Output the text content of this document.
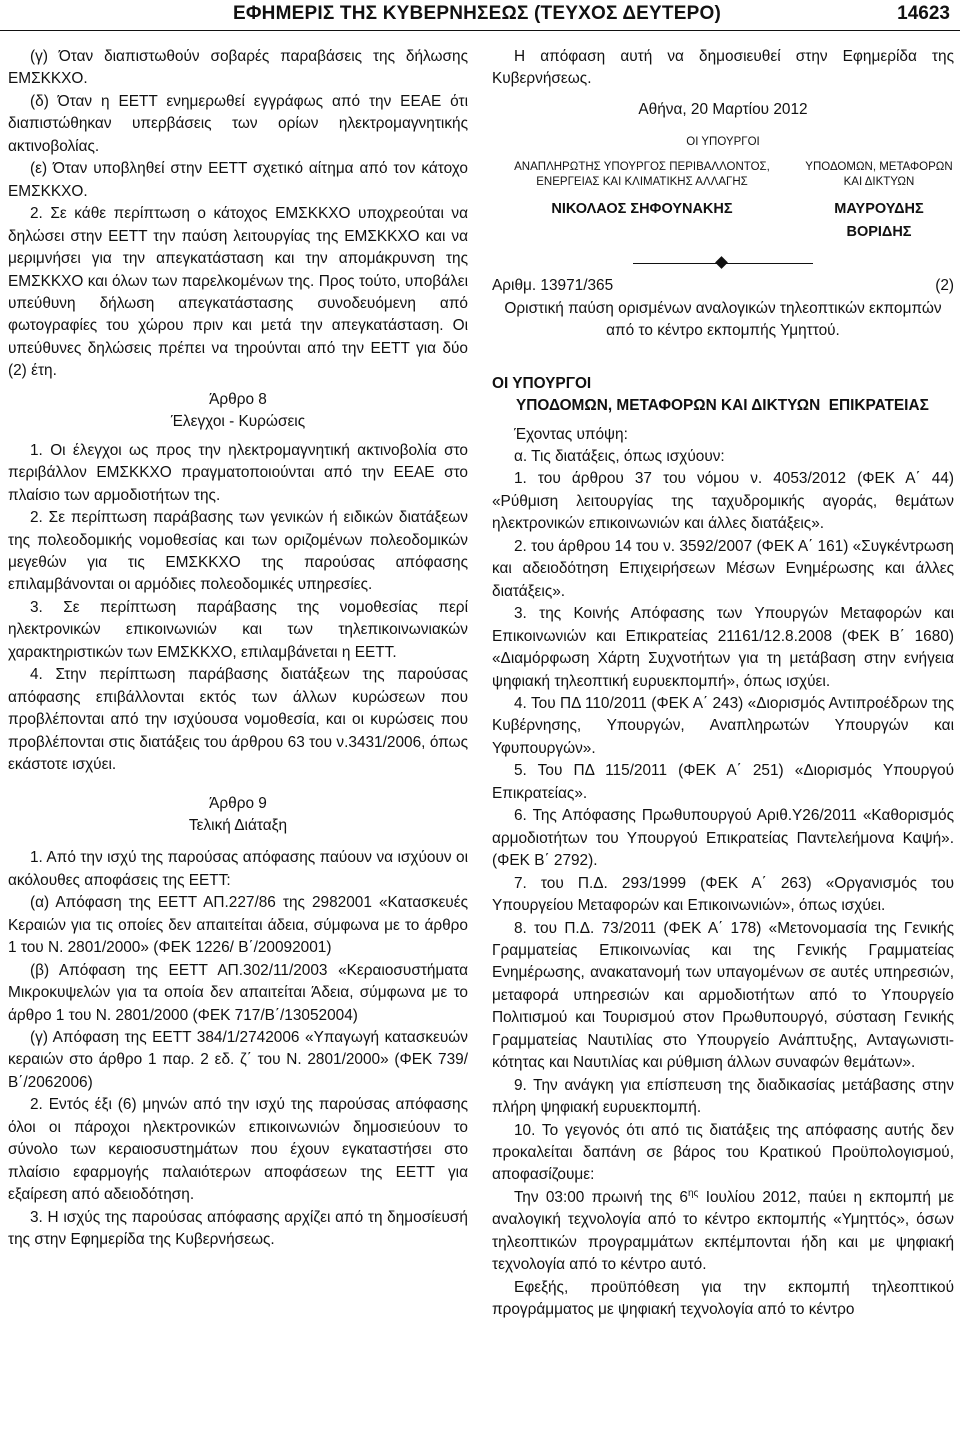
ΕΦΗΜΕΡΙΣ ΤΗΣ ΚΥΒΕΡΝΗΣΕΩΣ (ΤΕΥΧΟΣ ΔΕΥΤΕΡΟ)	14623

(γ) Όταν διαπιστωθούν σοβαρές παραβάσεις της δήλωσης ΕΜΣΚΚΧΟ.

(δ) Όταν η ΕΕΤΤ ενημερωθεί εγγράφως από την ΕΕΑΕ ότι διαπιστώθηκαν υπερβάσεις των ορίων ηλεκτρομαγνητικής ακτινοβολίας.

(ε) Όταν υποβληθεί στην ΕΕΤΤ σχετικό αίτημα από τον κάτοχο ΕΜΣΚΚΧΟ.

2. Σε κάθε περίπτωση ο κάτοχος ΕΜΣΚΚΧΟ υποχρεούται να δηλώσει στην ΕΕΤΤ την παύση λειτουργίας της ΕΜΣΚΚΧΟ και να μεριμνήσει για την απεγκατάσταση και την απομάκρυνση της ΕΜΣΚΚΧΟ και όλων των παρελκομένων της. Προς τούτο, υποβάλει υπεύθυνη δήλωση απεγκατάστασης συνοδευόμενη από φωτογραφίες του χώρου πριν και μετά την απεγκατάσταση. Οι υπεύθυνες δηλώσεις πρέπει να τηρούνται από την ΕΕΤΤ για δύο (2) έτη.

Άρθρο 8

Έλεγχοι - Κυρώσεις

1. Οι έλεγχοι ως προς την ηλεκτρομαγνητική ακτινοβολία στο περιβάλλον ΕΜΣΚΚΧΟ πραγματοποιούνται από την ΕΕΑΕ στο πλαίσιο των αρμοδιοτήτων της.

2. Σε περίπτωση παράβασης των γενικών ή ειδικών διατάξεων της πολεοδομικής νομοθεσίας και των οριζομένων πολεοδομικών μεγεθών για τις ΕΜΣΚΚΧΟ της παρούσας απόφασης επιλαμβάνονται οι αρμόδιες πολεοδομικές υπηρεσίες.

3. Σε περίπτωση παράβασης της νομοθεσίας περί ηλεκτρονικών επικοινωνιών και των τηλεπικοινωνιακών χαρακτηριστικών των ΕΜΣΚΚΧΟ, επιλαμβάνεται η ΕΕΤΤ.

4. Στην περίπτωση παράβασης διατάξεων της παρούσας απόφασης επιβάλλονται εκτός των άλλων κυρώσεων που προβλέπονται από την ισχύουσα νομοθεσία, και οι κυρώσεις που προβλέπονται στις διατάξεις του άρθρου 63 του ν.3431/2006, όπως εκάστοτε ισχύει.

Άρθρο 9

Τελική Διάταξη

1. Από την ισχύ της παρούσας απόφασης παύουν να ισχύουν οι ακόλουθες αποφάσεις της ΕΕΤΤ:

(α) Απόφαση της ΕΕΤΤ ΑΠ.227/86 της 2982001 «Κατασκευές Κεραιών για τις οποίες δεν απαιτείται άδεια, σύμφωνα με το άρθρο 1 του Ν. 2801/2000» (ΦΕΚ 1226/ Β΄/20092001)

(β) Απόφαση της ΕΕΤΤ ΑΠ.302/11/2003 «Κεραιοσυστήματα Μικροκυψελών για τα οποία δεν απαιτείται Άδεια, σύμφωνα με το άρθρο 1 του Ν. 2801/2000 (ΦΕΚ 717/Β΄/13052004)

(γ) Απόφαση της ΕΕΤΤ 384/1/2742006 «Υπαγωγή κατασκευών κεραιών στο άρθρο 1 παρ. 2 εδ. ζ΄ του Ν. 2801/2000» (ΦΕΚ 739/Β΄/2062006)

2. Εντός έξι (6) μηνών από την ισχύ της παρούσας απόφασης όλοι οι πάροχοι ηλεκτρονικών επικοινωνιών δημοσιεύουν το σύνολο των κεραιοσυστημάτων που έχουν εγκαταστήσει στο πλαίσιο εφαρμογής παλαιότερων αποφάσεων της ΕΕΤΤ για εξαίρεση από αδειοδότηση.

3. Η ισχύς της παρούσας απόφασης αρχίζει από τη δημοσίευσή της στην Εφημερίδα της Κυβερνήσεως.

Η απόφαση αυτή να δημοσιευθεί στην Εφημερίδα της Κυβερνήσεως.

Αθήνα, 20 Μαρτίου 2012

ΟΙ ΥΠΟΥΡΓΟΙ

ΑΝΑΠΛΗΡΩΤΗΣ ΥΠΟΥΡΓΟΣ ΠΕΡΙΒΑΛΛΟΝΤΟΣ, ΕΝΕΡΓΕΙΑΣ ΚΑΙ ΚΛΙΜΑΤΙΚΗΣ ΑΛΛΑΓΗΣ
ΥΠΟΔΟΜΩΝ, ΜΕΤΑΦΟΡΩΝ ΚΑΙ ΔΙΚΤΥΩΝ
ΝΙΚΟΛΑΟΣ ΣΗΦΟΥΝΑΚΗΣ	ΜΑΥΡΟΥΔΗΣ ΒΟΡΙΔΗΣ
Αριθμ. 13971/365	(2)

Οριστική παύση ορισμένων αναλογικών τηλεοπτικών εκπομπών από το κέντρο εκπομπής Υμηττού.

ΟΙ ΥΠΟΥΡΓΟΙ

ΥΠΟΔΟΜΩΝ, ΜΕΤΑΦΟΡΩΝ ΚΑΙ ΔΙΚΤΥΩΝ ΕΠΙΚΡΑΤΕΙΑΣ

Έχοντας υπόψη:

α. Τις διατάξεις, όπως ισχύουν:

1. του άρθρου 37 του νόμου ν. 4053/2012 (ΦΕΚ Α΄ 44) «Ρύθμιση λειτουργίας της ταχυδρομικής αγοράς, θεμάτων ηλεκτρονικών επικοινωνιών και άλλες διατάξεις».

2. του άρθρου 14 του ν. 3592/2007 (ΦΕΚ Α΄ 161) «Συγκέντρωση και αδειοδότηση Επιχειρήσεων Μέσων Ενημέρωσης και άλλες διατάξεις».

3. της Κοινής Απόφασης των Υπουργών Μεταφορών και Επικοινωνιών και Επικρατείας 21161/12.8.2008 (ΦΕΚ Β΄ 1680) «Διαμόρφωση Χάρτη Συχνοτήτων για τη μετάβαση στην ενήγεια ψηφιακή τηλεοπτική ευρυεκπομπή», όπως ισχύει.

4. Του ΠΔ 110/2011 (ΦΕΚ Α΄ 243) «Διορισμός Αντιπροέδρων της Κυβέρνησης, Υπουργών, Αναπληρωτών Υπουργών και Υφυπουργών».

5. Του ΠΔ 115/2011 (ΦΕΚ Α΄ 251) «Διορισμός Υπουργού Επικρατείας».

6. Της Απόφασης Πρωθυπουργού Αριθ.Υ26/2011 «Καθορισμός αρμοδιοτήτων του Υπουργού Επικρατείας Παντελεήμονα Καψή». (ΦΕΚ Β΄ 2792).

7. του Π.Δ. 293/1999 (ΦΕΚ Α΄ 263) «Οργανισμός του Υπουργείου Μεταφορών και Επικοινωνιών», όπως ισχύει.

8. του Π.Δ. 73/2011 (ΦΕΚ Α΄ 178) «Μετονομασία της Γενικής Γραμματείας Επικοινωνίας και της Γενικής Γραμματείας Ενημέρωσης, ανακατανομή των υπαγομένων σε αυτές υπηρεσιών, μεταφορά υπηρεσιών και αρμοδιοτήτων από το Υπουργείο Πολιτισμού και Τουρισμού στον Πρωθυπουργό, σύσταση Γενικής Γραμματείας Ναυτιλίας στο Υπουργείο Ανάπτυξης, Ανταγωνιστικότητας και Ναυτιλίας και ρύθμιση άλλων συναφών θεμάτων».

9. Την ανάγκη για επίσπευση της διαδικασίας μετάβασης στην πλήρη ψηφιακή ευρυεκπομπή.

10. Το γεγονός ότι από τις διατάξεις της απόφασης αυτής δεν προκαλείται δαπάνη σε βάρος του Κρατικού Προϋπολογισμού, αποφασίζουμε:

Την 03:00 πρωινή της $6^{\eta\varsigma}$ Ιουλίου 2012, παύει η εκπομπή με αναλογική τεχνολογία από το κέντρο εκπομπής «Υμηττός», όσων τηλεοπτικών προγραμμάτων εκπέμπονται ήδη και με ψηφιακή τεχνολογία από το κέντρο αυτό.

Εφεξής, προϋπόθεση για την εκπομπή τηλεοπτικού προγράμματος με ψηφιακή τεχνολογία από το κέντρο
